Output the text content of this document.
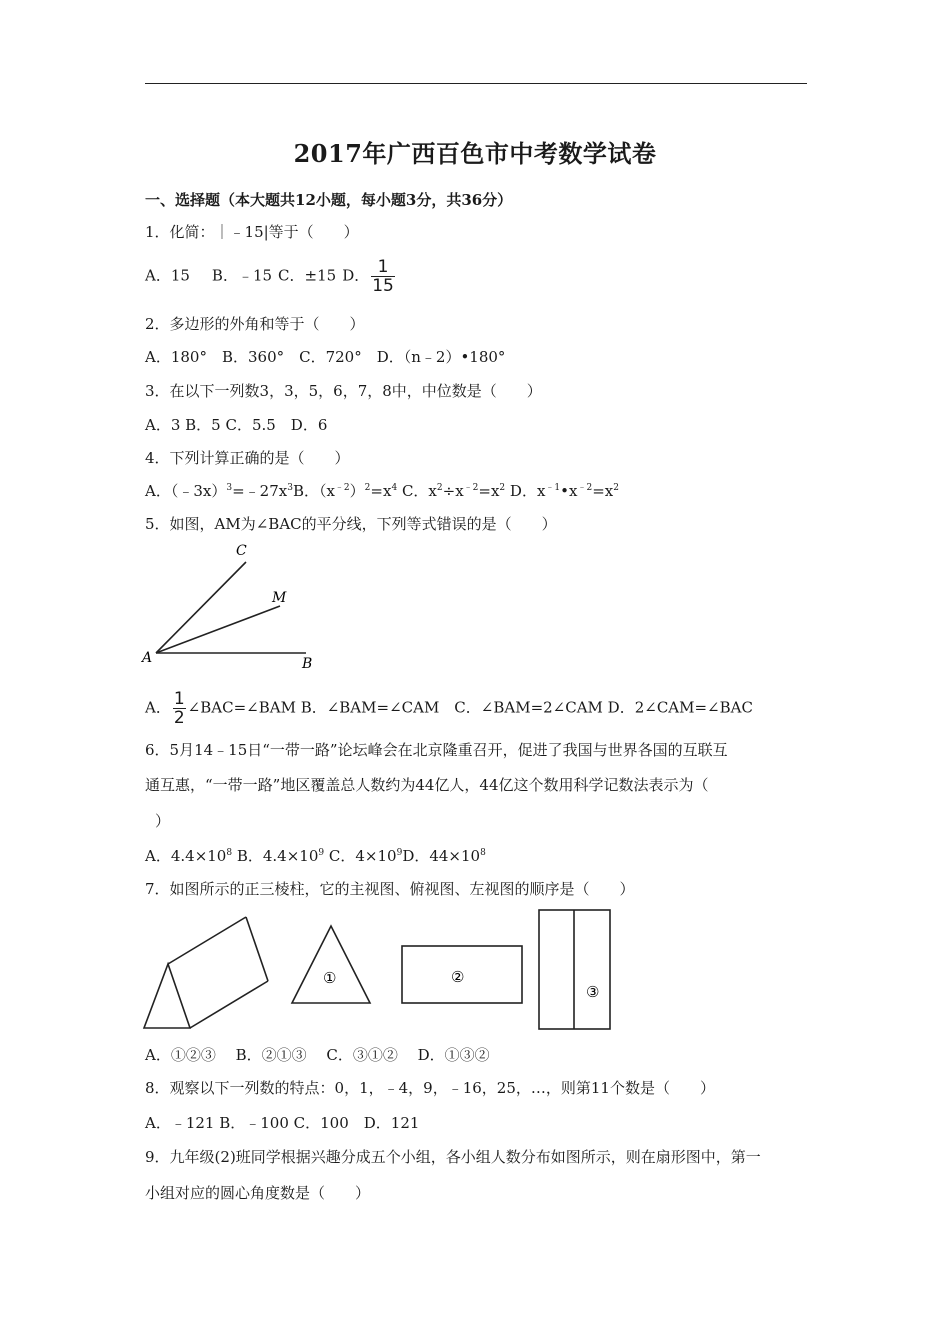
2017年广西百色市中考数学试卷
一、选择题（本大题共12小题，每小题3分，共36分）
1．化简：｜﹣15|等于（　　）
A．15 B．﹣15 C．±15 D． $\frac{1}{15}$
2．多边形的外角和等于（　　）
A．180°　B．360°　C．720°　D．（n﹣2）•180°
3．在以下一列数3，3，5，6，7，8中，中位数是（　　）
A．3 B．5 C．5.5　D．6
4．下列计算正确的是（　　）
A．$(﹣3x)^3=﹣27x^3B$．$(x^{﹣2})^2=x^4$ C．$x^2\div x^{﹣2}=x^2$ D．$x^{﹣1}•x^{﹣2}=x^2$
5．如图，AM为∠BAC的平分线，下列等式错误的是（　　）
C
M
A	B
A． $\frac{1}{2}$ ∠BAC=∠BAM B．∠BAM=∠CAM　C．∠BAM=2∠CAM D．2∠CAM=∠BAC
6．5月14﹣15日“一带一路”论坛峰会在北京隆重召开，促进了我国与世界各国的互联互
通互惠，“一带一路”地区覆盖总人数约为44亿人，44亿这个数用科学记数法表示为（
）
A．$4.4\times 10^8$ B．$4.4\times 10^9$ C．$4\times 10^9D$．$44\times 10^8$
7．如图所示的正三棱柱，它的主视图、俯视图、左视图的顺序是（　　）
①	②
③
A．①②③　 B．②①③　 C．③①②　 D．①③②
8．观察以下一列数的特点：0，1，﹣4，9，﹣16，25，…，则第11个数是（　　）
A．﹣121 B．﹣100 C．100　D．121
9．九年级(2)班同学根据兴趣分成五个小组，各小组人数分布如图所示，则在扇形图中，第一
小组对应的圆心角度数是（　　）
